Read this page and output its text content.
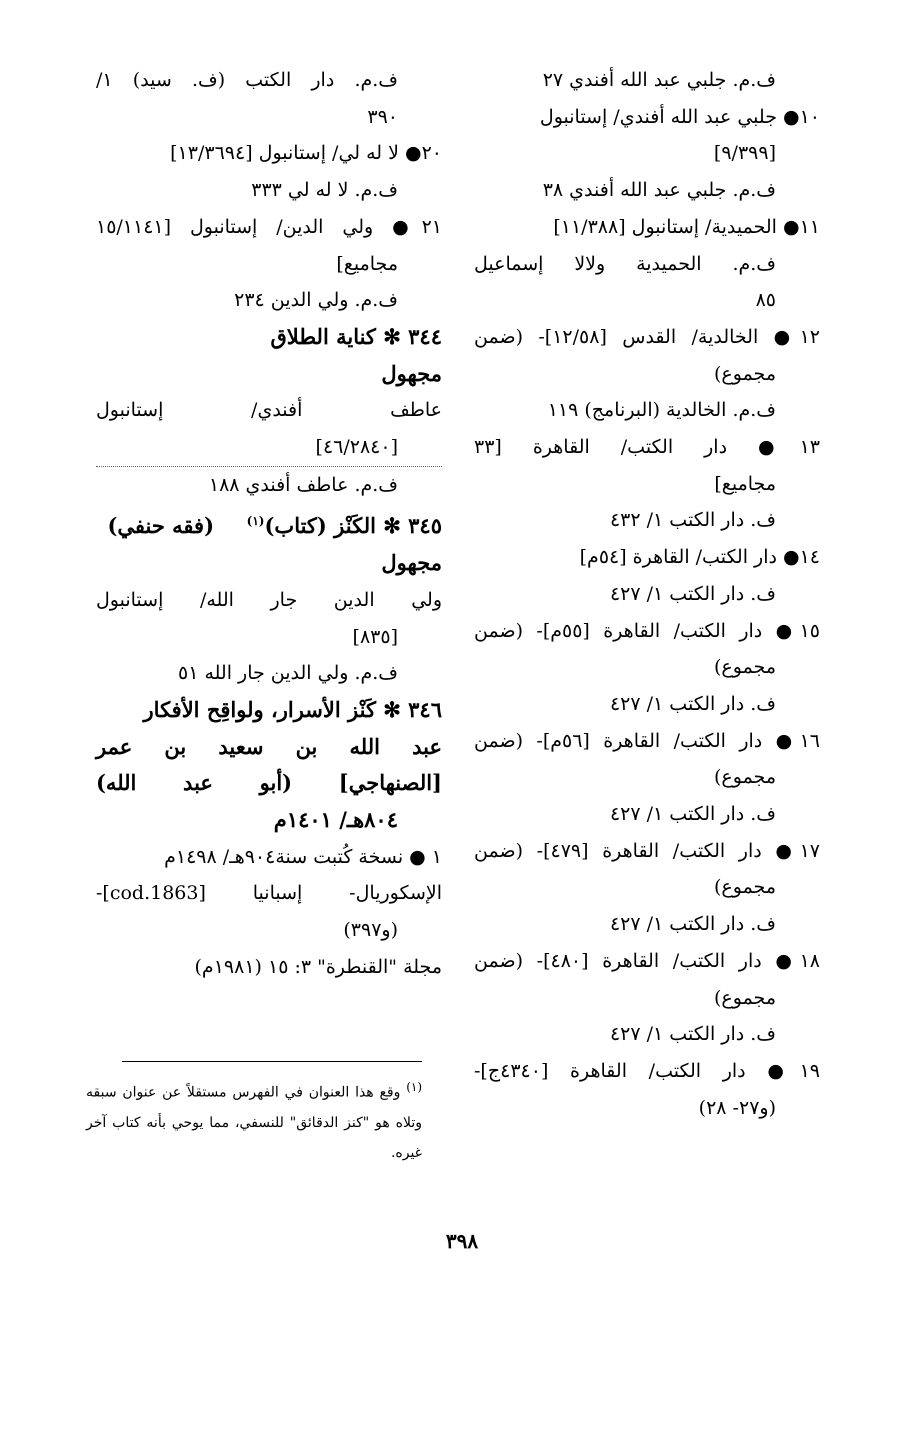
ف.م. جلبي عبد الله أفندي ٢٧
١٠● جلبي عبد الله أفندي/ إستانبول
[٩/٣٩٩]
ف.م. جلبي عبد الله أفندي ٣٨
١١● الحميدية/ إستانبول [١١/٣٨٨]
ف.م. الحميدية ولالا إسماعيل
٨٥
١٢● الخالدية/ القدس [١٢/٥٨]- (ضمن
مجموع)
ف.م. الخالدية (البرنامج) ١١٩
١٣● دار الكتب/ القاهرة [٣٣
مجاميع]
ف. دار الكتب ١/ ٤٣٢
١٤● دار الكتب/ القاهرة [٥٤م]
ف. دار الكتب ١/ ٤٢٧
١٥● دار الكتب/ القاهرة [٥٥م]- (ضمن
مجموع)
ف. دار الكتب ١/ ٤٢٧
١٦● دار الكتب/ القاهرة [٥٦م]- (ضمن
مجموع)
ف. دار الكتب ١/ ٤٢٧
١٧● دار الكتب/ القاهرة [٤٧٩]- (ضمن
مجموع)
ف. دار الكتب ١/ ٤٢٧
١٨● دار الكتب/ القاهرة [٤٨٠]- (ضمن
مجموع)
ف. دار الكتب ١/ ٤٢٧
١٩● دار الكتب/ القاهرة [٤٣٤٠ج]-
(و٢٧- ٢٨)
ف.م. دار الكتب (ف. سيد) ١/
٣٩٠
٢٠● لا له لي/ إستانبول [١٣/٣٦٩٤]
ف.م. لا له لي ٣٣٣
٢١● ولي الدين/ إستانبول [١٥/١١٤١
مجاميع]
ف.م. ولي الدين ٢٣٤
٣٤٤ ✻ كناية الطلاق
مجهول
عاطف أفندي/ إستانبول
[٤٦/٢٨٤٠]
ف.م. عاطف أفندي ١٨٨
٣٤٥ ✻ الكَنْز (كتاب)$^{(١)}$  (فقه حنفي)
مجهول
ولي الدين جار الله/ إستانبول
[٨٣٥]
ف.م. ولي الدين جار الله ٥١
٣٤٦ ✻ كَنْز الأسرار، ولواقِح الأفكار
عبد الله بن سعيد بن عمر
[الصنهاجي] (أبو عبد الله)
٨٠٤هـ/ ١٤٠١م
١ ● نسخة كُتبت سنة٩٠٤هـ/ ١٤٩٨م
الإسكوريال- إسبانيا [cod.1863]-
(و٣٩٧)
مجلة "القنطرة" ٣: ١٥ (١٩٨١م)
(١) وقع هذا العنوان في الفهرس مستقلاً عن عنوان سبقه وتلاه هو "كنز الدقائق" للنسفي، مما يوحي بأنه كتاب آخر غيره.
٣٩٨
